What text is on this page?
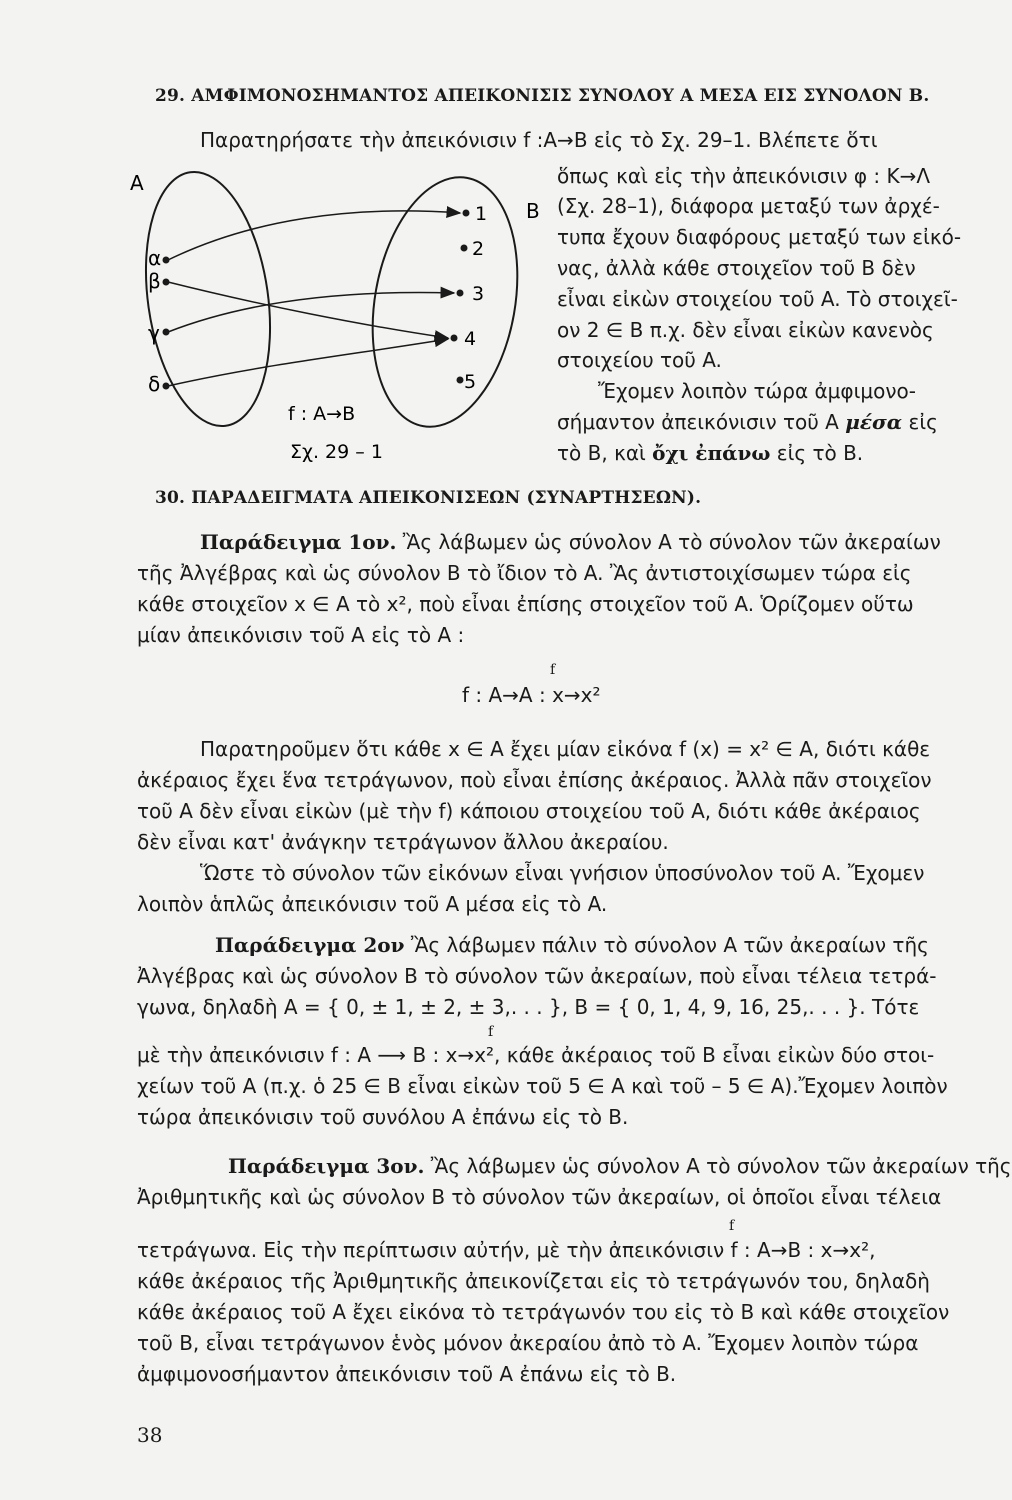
29. ΑΜΦΙΜΟΝΟΣΗΜΑΝΤΟΣ ΑΠΕΙΚΟΝΙΣΙΣ ΣΥΝΟΛΟΥ Α ΜΕΣΑ ΕΙΣ ΣΥΝΟΛΟΝ Β.
Παρατηρήσατε τὴν ἀπεικόνισιν f :A→B εἰς τὸ Σχ. 29–1. Βλέπετε ὅτι
ὅπως καὶ εἰς τὴν ἀπεικόνισιν φ : K→Λ
(Σχ. 28–1), διάφορα μεταξύ των ἀρχέ-
τυπα ἔχουν διαφόρους μεταξύ των εἰκό-
νας, ἀλλὰ κάθε στοιχεῖον τοῦ B δὲν
εἶναι εἰκὼν στοιχείου τοῦ A. Τὸ στοιχεῖ-
ον 2 ∈ B π.χ. δὲν εἶναι εἰκὼν κανενὸς
στοιχείου τοῦ A.
Ἔχομεν λοιπὸν τώρα ἀμφιμονο-
σήμαντον ἀπεικόνισιν τοῦ A μέσα εἰς
τὸ B, καὶ ὄχι ἐπάνω εἰς τὸ B.
A
B
α
β
γ
δ
1
2
3
4
5
f : A→B
Σχ. 29 – 1
30. ΠΑΡΑΔΕΙΓΜΑΤΑ ΑΠΕΙΚΟΝΙΣΕΩΝ (ΣΥΝΑΡΤΗΣΕΩΝ).
Παράδειγμα 1ον. Ἂς λάβωμεν ὡς σύνολον A τὸ σύνολον τῶν ἀκεραίων
τῆς Ἀλγέβρας καὶ ὡς σύνολον B τὸ ἴδιον τὸ A. Ἂς ἀντιστοιχίσωμεν τώρα εἰς
κάθε στοιχεῖον x ∈ A τὸ x², ποὺ εἶναι ἐπίσης στοιχεῖον τοῦ A. Ὁρίζομεν οὕτω
μίαν ἀπεικόνισιν τοῦ A εἰς τὸ A :
f
f : A→A : x→x²
Παρατηροῦμεν ὅτι κάθε x ∈ A ἔχει μίαν εἰκόνα f (x) = x² ∈ A, διότι κάθε
ἀκέραιος ἔχει ἕνα τετράγωνον, ποὺ εἶναι ἐπίσης ἀκέραιος. Ἀλλὰ πᾶν στοιχεῖον
τοῦ A δὲν εἶναι εἰκὼν (μὲ τὴν f) κάποιου στοιχείου τοῦ A, διότι κάθε ἀκέραιος
δὲν εἶναι κατ' ἀνάγκην τετράγωνον ἄλλου ἀκεραίου.
Ὥστε τὸ σύνολον τῶν εἰκόνων εἶναι γνήσιον ὑποσύνολον τοῦ A. Ἔχομεν
λοιπὸν ἁπλῶς ἀπεικόνισιν τοῦ A μέσα εἰς τὸ A.
Παράδειγμα 2ον Ἂς λάβωμεν πάλιν τὸ σύνολον A τῶν ἀκεραίων τῆς
Ἀλγέβρας καὶ ὡς σύνολον B τὸ σύνολον τῶν ἀκεραίων, ποὺ εἶναι τέλεια τετρά-
γωνα, δηλαδὴ A = { 0, ± 1, ± 2, ± 3,. . . }, B = { 0, 1, 4, 9, 16, 25,. . . }. Τότε
f
μὲ τὴν ἀπεικόνισιν f : A ⟶ B : x→x², κάθε ἀκέραιος τοῦ B εἶναι εἰκὼν δύο στοι-
χείων τοῦ A (π.χ. ὁ 25 ∈ B εἶναι εἰκὼν τοῦ 5 ∈ A καὶ τοῦ – 5 ∈ A).Ἔχομεν λοιπὸν
τώρα ἀπεικόνισιν τοῦ συνόλου A ἐπάνω εἰς τὸ B.
Παράδειγμα 3ον. Ἂς λάβωμεν ὡς σύνολον A τὸ σύνολον τῶν ἀκεραίων τῆς
Ἀριθμητικῆς καὶ ὡς σύνολον B τὸ σύνολον τῶν ἀκεραίων, οἱ ὁποῖοι εἶναι τέλεια
f
τετράγωνα. Εἰς τὴν περίπτωσιν αὐτήν, μὲ τὴν ἀπεικόνισιν f : A→B : x→x²,
κάθε ἀκέραιος τῆς Ἀριθμητικῆς ἀπεικονίζεται εἰς τὸ τετράγωνόν του, δηλαδὴ
κάθε ἀκέραιος τοῦ A ἔχει εἰκόνα τὸ τετράγωνόν του εἰς τὸ B καὶ κάθε στοιχεῖον
τοῦ B, εἶναι τετράγωνον ἑνὸς μόνον ἀκεραίου ἀπὸ τὸ A. Ἔχομεν λοιπὸν τώρα
ἀμφιμονοσήμαντον ἀπεικόνισιν τοῦ A ἐπάνω εἰς τὸ B.
38
